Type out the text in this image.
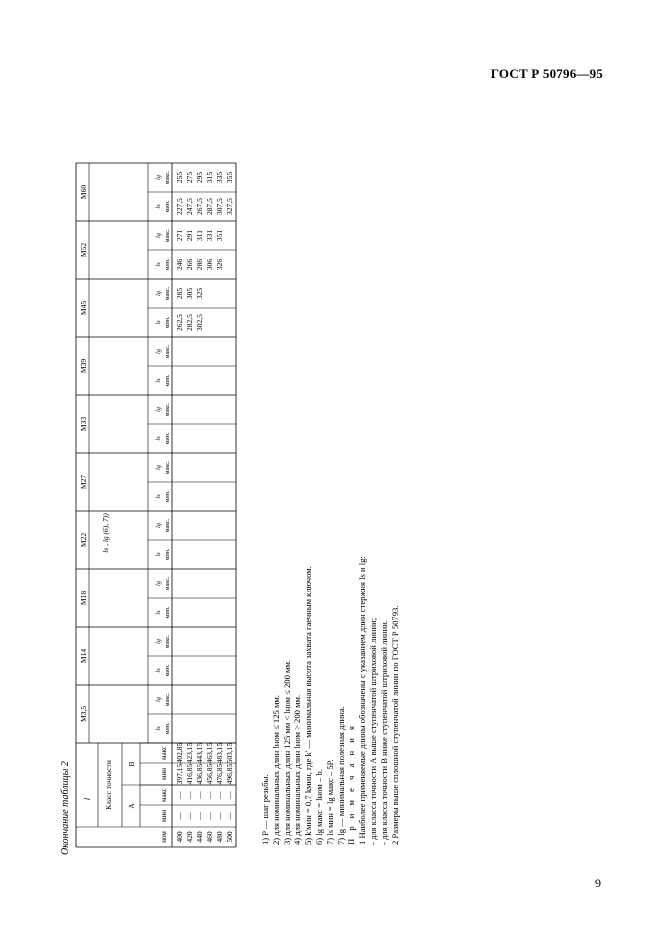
ГОСТ Р 50796—95
Окончание таблицы 2 l Класс точности А
В
ном
мин
макс
мин
макс
ls , lg (6), 7))
М3,5
ls мин.
lg макс.
М14
ls мин.
lg макс.
М18
ls мин.
lg макс.
М22
ls мин.
lg макс.
М27
ls мин.
lg макс.
М33
ls мин.
lg макс.
М39
ls мин.
lg макс.
М45
ls мин.
lg макс.
М52
ls мин.
lg макс.
М60
ls мин.
lg макс.
400
—
—
397,15
402,85
262,5
285
246
271
227,5
255
420
—
—
416,85
423,15
282,5
305
266
291
247,5
275
440
—
—
436,85
443,15
302,5
325
286
311
267,5
295
460
—
—
456,85
463,15
306
331
287,5
315
480
—
—
476,85
483,15
326
351
307,5
335
500
—
—
496,85
503,15
327,5
355
1) P — шаг резьбы. 2) для номинальных длин lном ≤ 125 мм. 3) для номинальных длин 125 мм < lном ≤ 200 мм. 4) для номинальных длин lном > 200 мм. 5) k'мин = 0,7 kмин, где k' — минимальная высота захвата гаечным ключом. 6) lg макс = lном – b. 7) ls мин = lg макс – 5P. 7) lg — минимальная полезная длина. П р и м е ч а н и я 1 Наиболее применяемые длины обозначены с указанием длин стержня ls и lg: - для класса точности А выше ступенчатой штриховой линии; - для класса точности В ниже ступенчатой штриховой линии. 2 Размеры выше сплошной ступенчатой линии по ГОСТ Р 50793.
9
